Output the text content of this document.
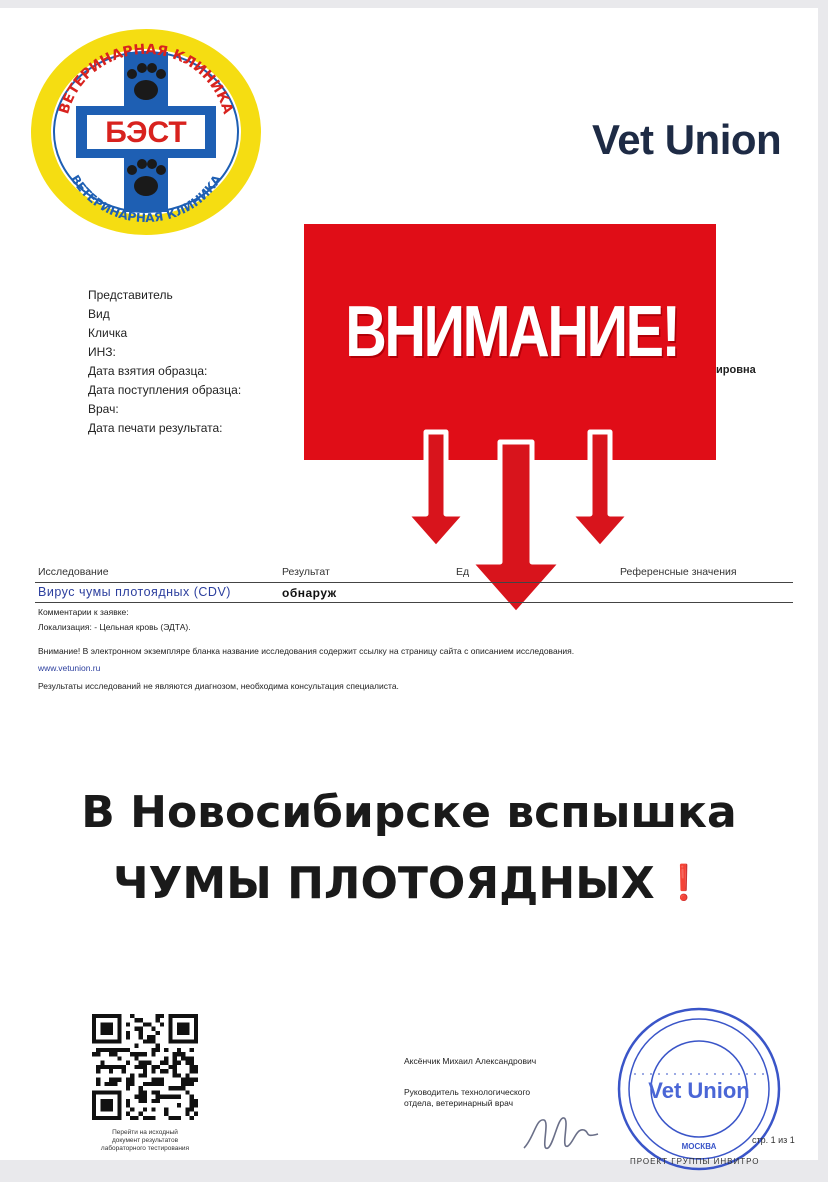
БЭСТ
ВЕТЕРИНАРНАЯ КЛИНИКА
ВЕТЕРИНАРНАЯ КЛИНИКА
Vet Union
Представитель
Вид
Кличка
ИНЗ:
Дата взятия образца:
Дата поступления образца:
Врач:
Дата печати результата:
ировна
ВНИМАНИЕ!
Исследование	Результат	Ед	Референсные значения
Вирус чумы плотоядных (CDV)	обнаруж
Комментарии к заявке:
Локализация: - Цельная кровь (ЭДТА).
Внимание! В электронном экземпляре бланка название исследования содержит ссылку на страницу сайта с описанием исследования.
www.vetunion.ru
Результаты исследований не являются диагнозом, необходима консультация специалиста.
В Новосибирске вспышка
ЧУМЫ ПЛОТОЯДНЫХ ❗
Перейти на исходный
документ результатов
лабораторного тестирования
Аксёнчик Михаил Александрович
Руководитель технологического
отдела, ветеринарный врач	Vet Union
МОСКВА
стр. 1 из 1
ПРОЕКТ ГРУППЫ ИНВИТРО
